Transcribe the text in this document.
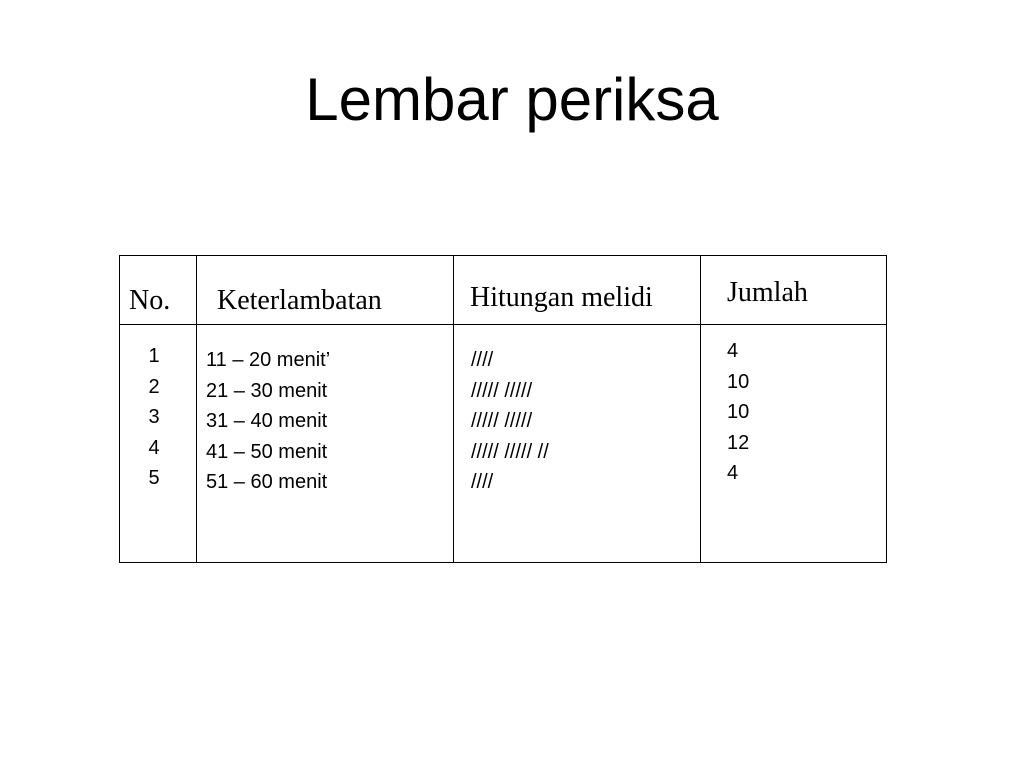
Lembar periksa
No. Keterlambatan	Hitungan melidi	Jumlah
1
2
3
4
5
11 – 20 menit’
21 – 30 menit
31 – 40 menit
41 – 50 menit
51 – 60 menit
////
///// /////
///// /////
///// ///// //
////
4
10
10
12
4
